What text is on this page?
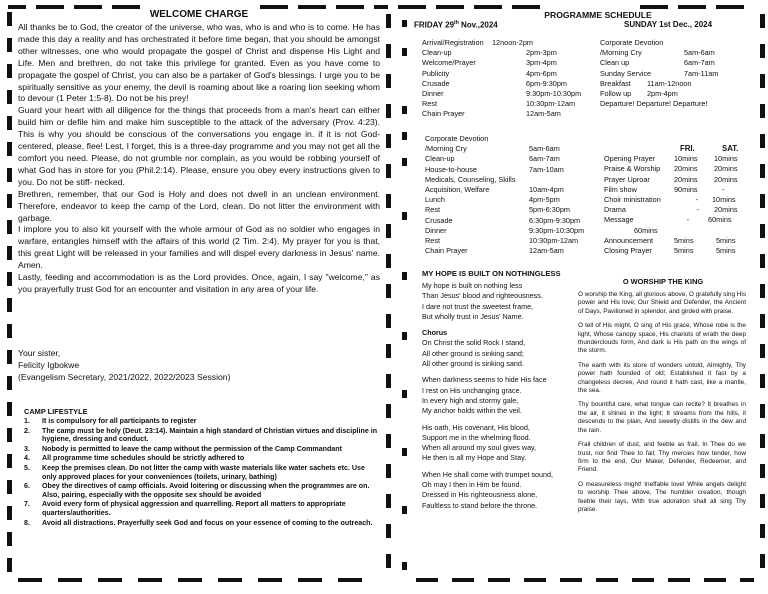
WELCOME CHARGE

All thanks be to God, the creator of the universe, who was, who is and who is to come. He has made this day a reality and has orchestrated it before time began, that you should be amongst other witnesses, one who would propagate the gospel of Christ and dispense His Light and Life. Men and brethren, do not take this privilege for granted. Even as you have come to propagate the gospel of Christ, you can also be a partaker of God's blessings. I urge you to be spiritually sensitive as your enemy, the devil is roaming about like a roaring lion seeking whom to devour (1 Peter 1:5-8). Do not be his prey!

Guard your heart with all diligence for the things that proceeds from a man's heart can either build him or defile him and make him susceptible to the attack of the adversary (Prov. 4:23). This is why you should be conscious of the conversations you engage in. if it is not God-centered, please, flee! Lest, I forget, this is a three-day programme and you may not get all the comfort you need. Please, do not grumble nor complain, as you would be robbing yourself of what God has in store for you (Phil.2:14). Please, ensure you obey every instructions given to you. Do not be stiff- necked.

Brethren, remember, that our God is Holy and does not dwell in an unclean environment. Therefore, endeavor to keep the camp of the Lord, clean. Do not litter the environment with garbage.

I implore you to also kit yourself with the whole armour of God as no soldier who engages in warfare, entangles himself with the affairs of this world (2 Tim. 2:4). My prayer for you is that, this great Light will be released in your families and will dispel every darkness in Jesus' name. Amen.

Lastly, feeding and accommodation is as the Lord provides. Once, again, I say "welcome," as you prayerfully trust God for an encounter and visitation in any area of your life.

Your sister,
Felicity Igbokwe
(Evangelism Secretary, 2021/2022, 2022/2023 Session)
CAMP LIFESTYLE
1.	It is compulsory for all participants to register
2.	The camp must be holy (Deut. 23:14). Maintain a high standard of Christian virtues and discipline in hygiene, dressing and conduct.
3.	Nobody is permitted to leave the camp without the permission of the Camp Commandant
4.	All programme time schedules should be strictly adhered to
5.	Keep the premises clean. Do not litter the camp with waste materials like water sachets etc. Use only approved places for your conveniences (toilets, urinary, bathing)
6.	Obey the directives of camp officials. Avoid loitering or discussing when the programmes are on. Also, pairing, especially with the opposite sex should be avoided
7.	Avoid every form of physical aggression and quarrelling. Report all matters to appropriate quarters/authorities.
8.	Avoid all distractions. Prayerfully seek God and focus on your essence of coming to the outreach.
PROGRAMME SCHEDULE
FRIDAY 29th Nov.,2024	SUNDAY 1st Dec., 2024
Arrival/Registration	12noon-2pm
Clean-up	2pm-3pm
Welcome/Prayer	3pm-4pm
Publicity	4pm-6pm
Crusade	6pm-9:30pm
Dinner	9:30pm-10:30pm
Rest	10:30pm-12am
Chain Prayer	12am-5am
Corporate Devotion
/Morning Cry	5am-6am
Clean up	6am-7am
Sunday Service	7am-11am
Breakfast	11am-12noon
Follow up	2pm-4pm
Departure! Departure! Departure!
Corporate Devotion
/Morning Cry	5am-6am
Clean-up	6am-7am
House-to-house	7am-10am
Medicals, Counseling, Skills
Acquisition, Welfare	10am-4pm
Lunch	4pm-5pm
Rest	5pm-6:30pm
Crusade	6:30pm-9:30pm
Dinner	9:30pm-10:30pm
Rest	10:30pm-12am
Chain Prayer	12am-5am
FRI.	SAT.
Opening Prayer	10mins	10mins
Praise & Worship	20mins	20mins
Prayer Uproar	20mins	20mins
Film show	90mins	-
Choir ministration	-	10mins
Drama	-	20mins
Message	-	60mins
60mins
Announcement	5mins	5mins
Closing Prayer	5mins	5mins
MY HOPE IS BUILT ON NOTHINGLESS

My hope is built on nothing less
Than Jesus' blood and righteousness.
I dare not trust the sweetest frame,
But wholly trust in Jesus' Name.

Chorus
On Christ the solid Rock I stand,
All other ground is sinking sand;
All other ground is sinking sand.

When darkness seems to hide His face
I rest on His unchanging grace.
In every high and stormy gale,
My anchor holds within the veil.

His oath, His covenant, His blood,
Support me in the whelming flood.
When all around my soul gives way,
He then is all my Hope and Stay.

When He shall come with trumpet sound,
Oh may I then in Him be found.
Dressed in His righteousness alone,
Faultless to stand before the throne.

O WORSHIP THE KING

O worship the King, all glorious above, O gratefully sing His power and His love; Our Shield and Defender, the Ancient of Days, Pavilioned in splendor, and girded with praise.

O tell of His might, O sing of His grace, Whose robe is the light, Whose canopy space, His chariots of wrath the deep thunderclouds form, And dark is His path on the wings of the storm.

The earth with its store of wonders untold, Almighty, Thy power hath founded of old; Established it fast by a changeless decree, And round it hath cast, like a mantle, the sea.

Thy bountiful care, what tongue can recite? It breathes in the air, it shines in the light; It streams from the hills, it descends to the plain, And sweetly distills in the dew and the rain.

Frail children of dust, and feeble as frail, In Thee do we trust, nor find Thee to fail; Thy mercies how tender, how firm to the end, Our Maker, Defender, Redeemer, and Friend.

O measureless might! Ineffable love! While angels delight to worship Thee above, The humbler creation, though feeble their lays, With true adoration shall all sing Thy praise.
